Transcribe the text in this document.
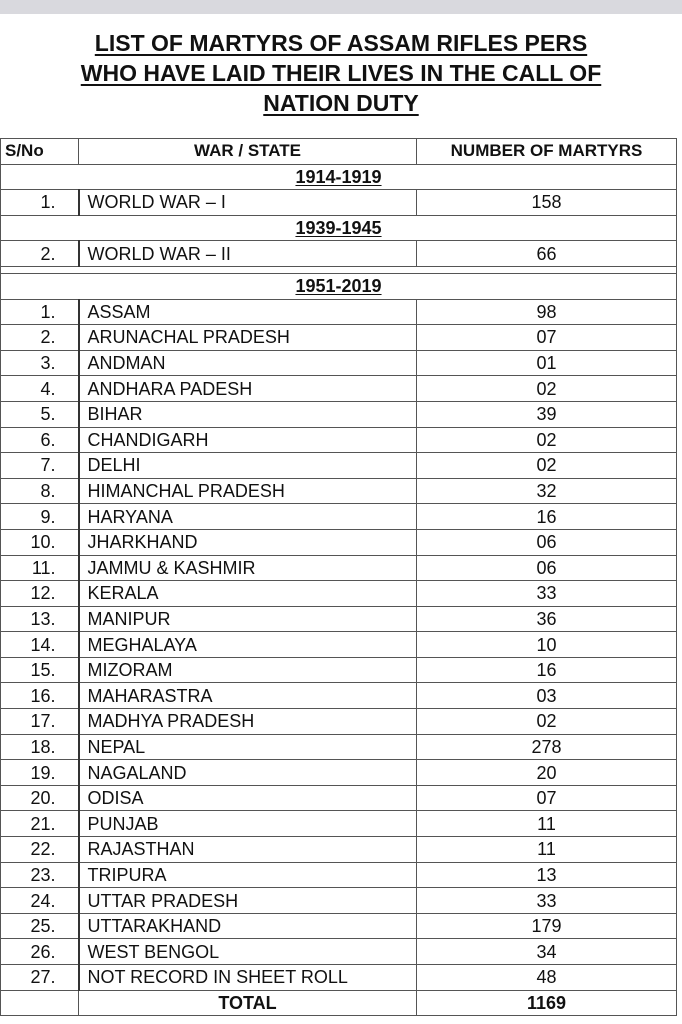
LIST OF MARTYRS OF ASSAM RIFLES PERS
WHO HAVE LAID THEIR LIVES IN THE CALL OF
NATION DUTY
S/No	WAR / STATE	NUMBER OF MARTYRS
1914-1919		
1.	WORLD WAR – I	158
1939-1945		
2.	WORLD WAR – II	66

1951-2019		
1.	ASSAM	98
2.	ARUNACHAL PRADESH	07
3.	ANDMAN	01
4.	ANDHARA PADESH	02
5.	BIHAR	39
6.	CHANDIGARH	02
7.	DELHI	02
8.	HIMANCHAL PRADESH	32
9.	HARYANA	16
10.	JHARKHAND	06
11.	JAMMU & KASHMIR	06
12.	KERALA	33
13.	MANIPUR	36
14.	MEGHALAYA	10
15.	MIZORAM	16
16.	MAHARASTRA	03
17.	MADHYA PRADESH	02
18.	NEPAL	278
19.	NAGALAND	20
20.	ODISA	07
21.	PUNJAB	11
22.	RAJASTHAN	11
23.	TRIPURA	13
24.	UTTAR PRADESH	33
25.	UTTARAKHAND	179
26.	WEST BENGOL	34
27.	NOT RECORD IN SHEET ROLL	48
	TOTAL	1169
